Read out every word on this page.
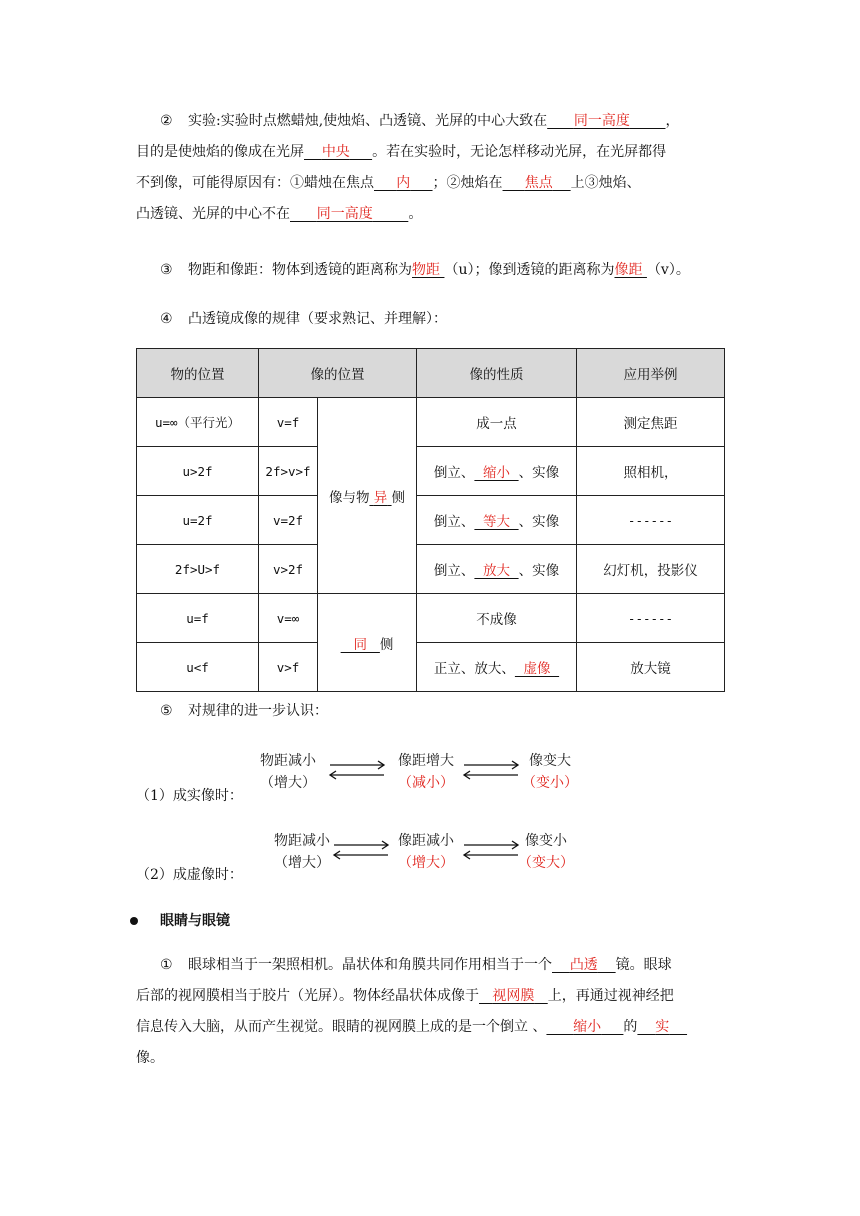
② 实验:实验时点燃蜡烛,使烛焰、凸透镜、光屏的中心大致在 同一高度	，
目的是使烛焰的像成在光屏 中央 。若在实验时，无论怎样移动光屏，在光屏都得
不到像，可能得原因有：①蜡烛在焦点 内 ；②烛焰在 焦点 上③烛焰、
凸透镜、光屏的中心不在 同一高度	。
③ 物距和像距：物体到透镜的距离称为物距 （u）；像到透镜的距离称为像距 （v）。
④ 凸透镜成像的规律（要求熟记、并理解）：
物的位置	像的位置		像的性质	应用举例
u=∞（平行光）	v=f	像与物 异 侧	成一点	测定焦距
u>2f	2f>v>f		倒立、 缩小 、实像	照相机，
u=2f	v=2f		倒立、 等大 、实像	------
2f>U>f	v>2f		倒立、 放大 、实像	幻灯机，投影仪
u=f	v=∞	同 侧	不成像	------
u<f	v>f		正立、放大、 虚像	放大镜
⑤ 对规律的进一步认识：
物距减小
（增大）
像距增大
（减小）
像变大
（变小）
（1）成实像时：
物距减小
（增大）
像距减小
（增大）
像变小
（变大）
（2）成虚像时：
眼睛与眼镜
① 眼球相当于一架照相机。晶状体和角膜共同作用相当于一个 凸透 镜。眼球
后部的视网膜相当于胶片（光屏）。物体经晶状体成像于 视网膜 上，再通过视神经把
信息传入大脑，从而产生视觉。眼睛的视网膜上成的是一个倒立 、 缩小 的 实
像。
